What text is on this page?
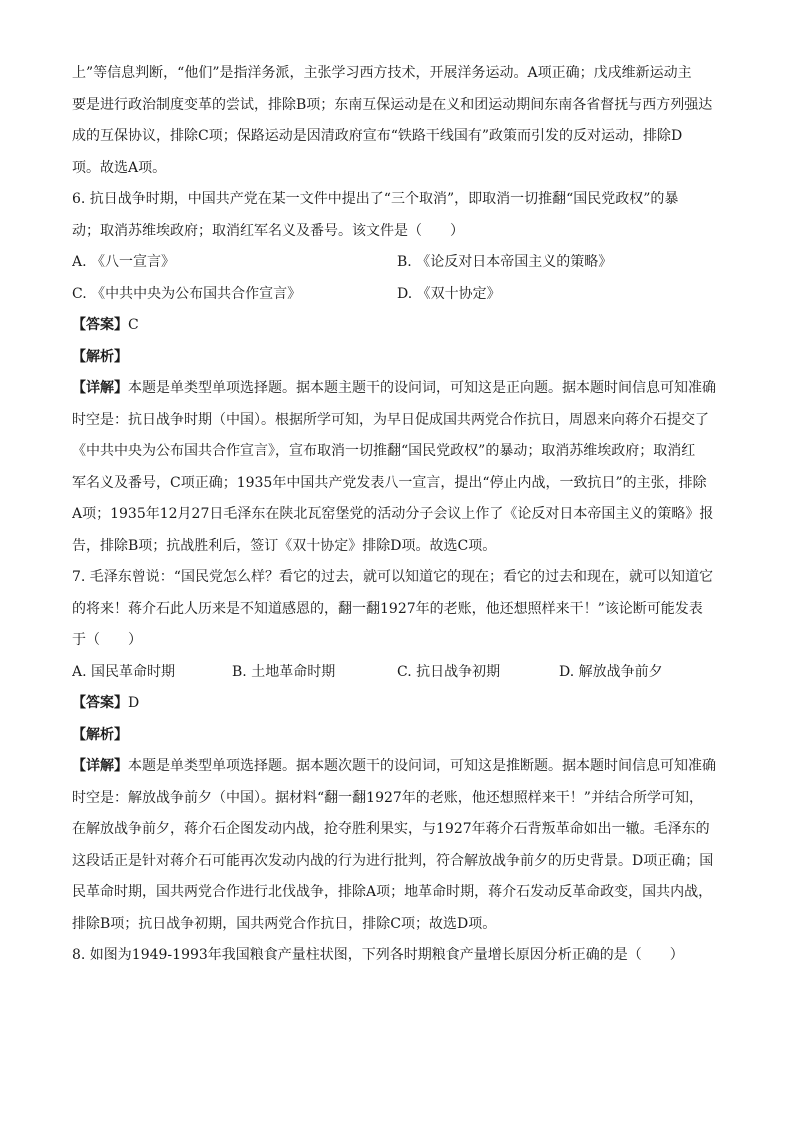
上”等信息判断，“他们”是指洋务派，主张学习西方技术，开展洋务运动。A项正确；戊戌维新运动主
要是进行政治制度变革的尝试，排除B项；东南互保运动是在义和团运动期间东南各省督抚与西方列强达
成的互保协议，排除C项；保路运动是因清政府宣布“铁路干线国有”政策而引发的反对运动，排除D
项。故选A项。
6. 抗日战争时期，中国共产党在某一文件中提出了“三个取消”，即取消一切推翻“国民党政权”的暴
动；取消苏维埃政府；取消红军名义及番号。该文件是（　　）
A. 《八一宣言》	B. 《论反对日本帝国主义的策略》
C. 《中共中央为公布国共合作宣言》	D. 《双十协定》
【答案】C
【解析】
【详解】本题是单类型单项选择题。据本题主题干的设问词，可知这是正向题。据本题时间信息可知准确
时空是：抗日战争时期（中国）。根据所学可知，为早日促成国共两党合作抗日，周恩来向蒋介石提交了
《中共中央为公布国共合作宣言》，宣布取消一切推翻“国民党政权”的暴动；取消苏维埃政府；取消红
军名义及番号，C项正确；1935年中国共产党发表八一宣言，提出“停止内战，一致抗日”的主张，排除
A项；1935年12月27日毛泽东在陕北瓦窑堡党的活动分子会议上作了《论反对日本帝国主义的策略》报
告，排除B项；抗战胜利后，签订《双十协定》排除D项。故选C项。
7. 毛泽东曾说：“国民党怎么样？看它的过去，就可以知道它的现在；看它的过去和现在，就可以知道它
的将来！蒋介石此人历来是不知道感恩的，翻一翻1927年的老账，他还想照样来干！”该论断可能发表
于（　　）
A. 国民革命时期	B. 土地革命时期	C. 抗日战争初期	D. 解放战争前夕
【答案】D
【解析】
【详解】本题是单类型单项选择题。据本题次题干的设问词，可知这是推断题。据本题时间信息可知准确
时空是：解放战争前夕（中国）。据材料“翻一翻1927年的老账，他还想照样来干！”并结合所学可知，
在解放战争前夕，蒋介石企图发动内战，抢夺胜利果实，与1927年蒋介石背叛革命如出一辙。毛泽东的
这段话正是针对蒋介石可能再次发动内战的行为进行批判，符合解放战争前夕的历史背景。D项正确；国
民革命时期，国共两党合作进行北伐战争，排除A项；地革命时期，蒋介石发动反革命政变，国共内战，
排除B项；抗日战争初期，国共两党合作抗日，排除C项；故选D项。
8. 如图为1949-1993年我国粮食产量柱状图，下列各时期粮食产量增长原因分析正确的是（　　）
